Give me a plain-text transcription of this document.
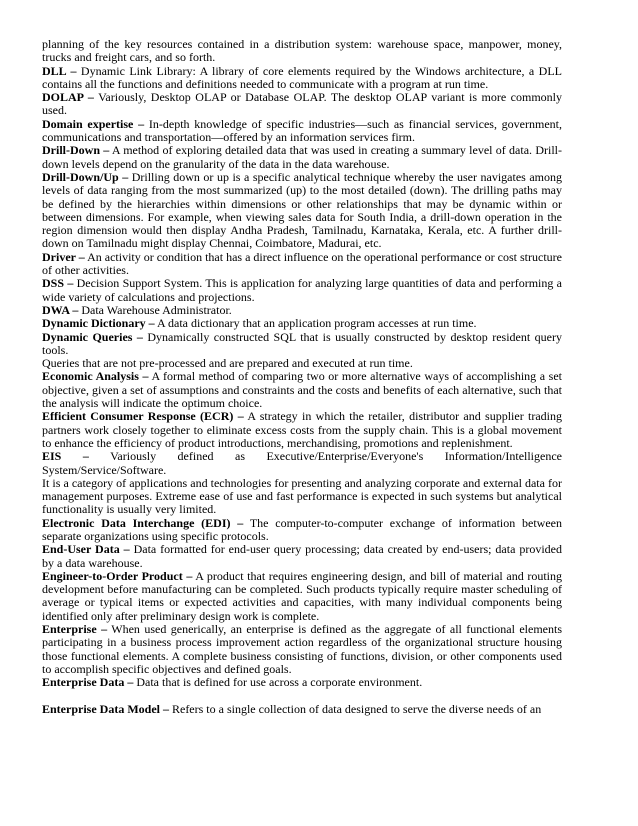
planning of the key resources contained in a distribution system: warehouse space, manpower, money, trucks and freight cars, and so forth.

DLL – Dynamic Link Library: A library of core elements required by the Windows architecture, a DLL contains all the functions and definitions needed to communicate with a program at run time.

DOLAP – Variously, Desktop OLAP or Database OLAP. The desktop OLAP variant is more commonly used.

Domain expertise – In-depth knowledge of specific industries—such as financial services, government, communications and transportation—offered by an information services firm.

Drill-Down – A method of exploring detailed data that was used in creating a summary level of data. Drill-down levels depend on the granularity of the data in the data warehouse.

Drill-Down/Up – Drilling down or up is a specific analytical technique whereby the user navigates among levels of data ranging from the most summarized (up) to the most detailed (down). The drilling paths may be defined by the hierarchies within dimensions or other relationships that may be dynamic within or between dimensions. For example, when viewing sales data for South India, a drill-down operation in the region dimension would then display Andha Pradesh, Tamilnadu, Karnataka, Kerala, etc. A further drill-down on Tamilnadu might display Chennai, Coimbatore, Madurai, etc.

Driver – An activity or condition that has a direct influence on the operational performance or cost structure of other activities.

DSS – Decision Support System. This is application for analyzing large quantities of data and performing a wide variety of calculations and projections.

DWA – Data Warehouse Administrator.

Dynamic Dictionary – A data dictionary that an application program accesses at run time.

Dynamic Queries – Dynamically constructed SQL that is usually constructed by desktop resident query tools.

Queries that are not pre-processed and are prepared and executed at run time.

Economic Analysis – A formal method of comparing two or more alternative ways of accomplishing a set objective, given a set of assumptions and constraints and the costs and benefits of each alternative, such that the analysis will indicate the optimum choice.

Efficient Consumer Response (ECR) – A strategy in which the retailer, distributor and supplier trading partners work closely together to eliminate excess costs from the supply chain. This is a global movement to enhance the efficiency of product introductions, merchandising, promotions and replenishment.

EIS – Variously defined as Executive/Enterprise/Everyone's Information/Intelligence System/Service/Software.

It is a category of applications and technologies for presenting and analyzing corporate and external data for management purposes. Extreme ease of use and fast performance is expected in such systems but analytical functionality is usually very limited.

Electronic Data Interchange (EDI) – The computer-to-computer exchange of information between separate organizations using specific protocols.

End-User Data – Data formatted for end-user query processing; data created by end-users; data provided by a data warehouse.

Engineer-to-Order Product – A product that requires engineering design, and bill of material and routing development before manufacturing can be completed. Such products typically require master scheduling of average or typical items or expected activities and capacities, with many individual components being identified only after preliminary design work is complete.

Enterprise – When used generically, an enterprise is defined as the aggregate of all functional elements participating in a business process improvement action regardless of the organizational structure housing those functional elements. A complete business consisting of functions, division, or other components used to accomplish specific objectives and defined goals.

Enterprise Data – Data that is defined for use across a corporate environment.

Enterprise Data Model – Refers to a single collection of data designed to serve the diverse needs of an
